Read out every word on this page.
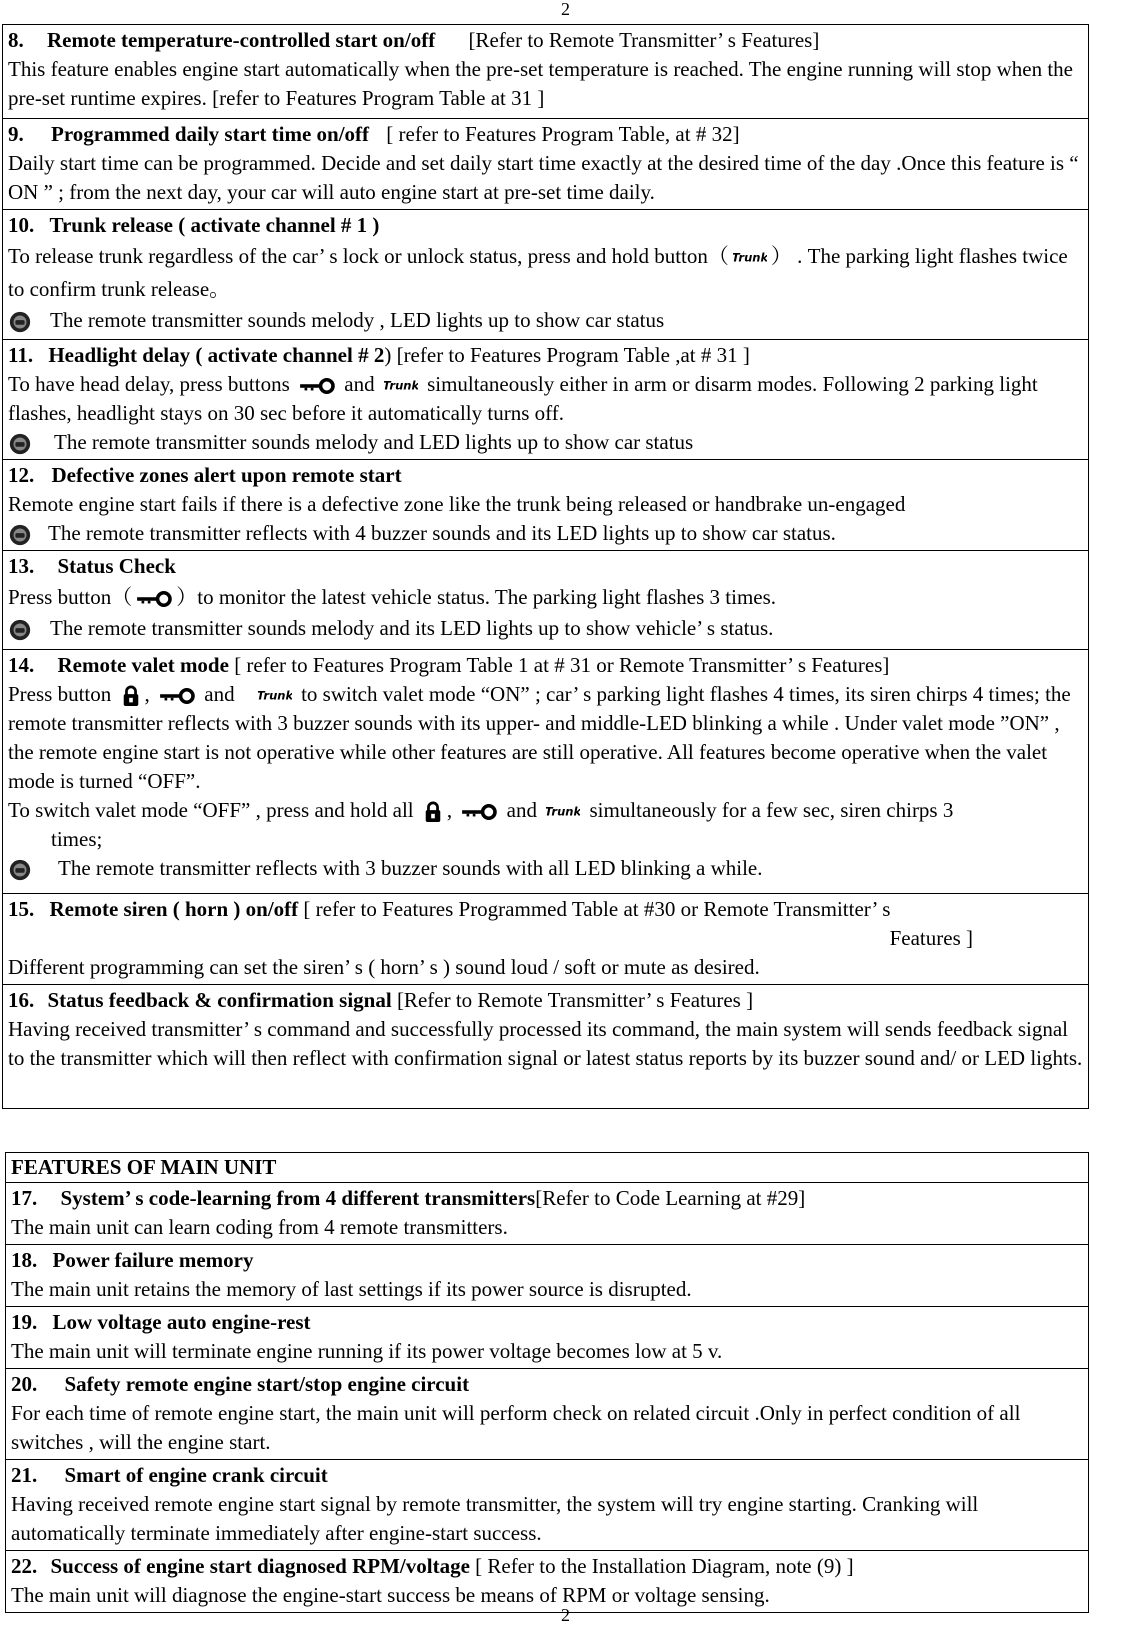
2
8. Remote temperature-controlled start on/off [Refer to Remote Transmitter’ s Features]
This feature enables engine start automatically when the pre-set temperature is reached. The engine running will stop when the pre-set runtime expires. [refer to Features Program Table at 31 ]
9. Programmed daily start time on/off [ refer to Features Program Table, at # 32]
Daily start time can be programmed. Decide and set daily start time exactly at the desired time of the day .Once this feature is “ ON ” ; from the next day, your car will auto engine start at pre-set time daily.
10. Trunk release ( activate channel # 1 )

To release trunk regardless of the car’ s lock or unlock status, press and hold button（ ） . The parking light flashes twice to confirm trunk release。
The remote transmitter sounds melody , LED lights up to show car status
11. Headlight delay ( activate channel # 2) [refer to Features Program Table ,at # 31 ]
To have head delay, press buttons	and	simultaneously either in arm or disarm modes. Following 2 parking light flashes, headlight stays on 30 sec before it automatically turns off.
The remote transmitter sounds melody and LED lights up to show car status
12. Defective zones alert upon remote start
Remote engine start fails if there is a defective zone like the trunk being released or handbrake un-engaged
The remote transmitter reflects with 4 buzzer sounds and its LED lights up to show car status.
13. Status Check

Press button（ ）to monitor the latest vehicle status. The parking light flashes 3 times.
The remote transmitter sounds melody and its LED lights up to show vehicle’ s status.
14. Remote valet mode [ refer to Features Program Table 1 at # 31 or Remote Transmitter’ s Features]
Press button ,	and	to switch valet mode “ON” ; car’ s parking light flashes 4 times, its siren chirps 4 times; the remote transmitter reflects with 3 buzzer sounds with its upper- and middle-LED blinking a while . Under valet mode ”ON” , the remote engine start is not operative while other features are still operative. All features become operative when the valet mode is turned “OFF”.
To switch valet mode “OFF” , press and hold all ,	and	simultaneously for a few sec, siren chirps 3
times;
The remote transmitter reflects with 3 buzzer sounds with all LED blinking a while.
15. Remote siren ( horn ) on/off [ refer to Features Programmed Table at #30 or Remote Transmitter’ s

Features ]
Different programming can set the siren’ s ( horn’ s ) sound loud / soft or mute as desired.
16. Status feedback & confirmation signal [Refer to Remote Transmitter’ s Features ]
Having received transmitter’ s command and successfully processed its command, the main system will sends feedback signal to the transmitter which will then reflect with confirmation signal or latest status reports by its buzzer sound and/ or LED lights.
FEATURES OF MAIN UNIT
17. System’ s code-learning from 4 different transmitters[Refer to Code Learning at #29]
The main unit can learn coding from 4 remote transmitters.
18. Power failure memory
The main unit retains the memory of last settings if its power source is disrupted.
19. Low voltage auto engine-rest
The main unit will terminate engine running if its power voltage becomes low at 5 v.
20. Safety remote engine start/stop engine circuit
For each time of remote engine start, the main unit will perform check on related circuit .Only in perfect condition of all switches , will the engine start.
21. Smart of engine crank circuit
Having received remote engine start signal by remote transmitter, the system will try engine starting. Cranking will automatically terminate immediately after engine-start success.
22. Success of engine start diagnosed RPM/voltage [ Refer to the Installation Diagram, note (9) ]
The main unit will diagnose the engine-start success be means of RPM or voltage sensing.
2
